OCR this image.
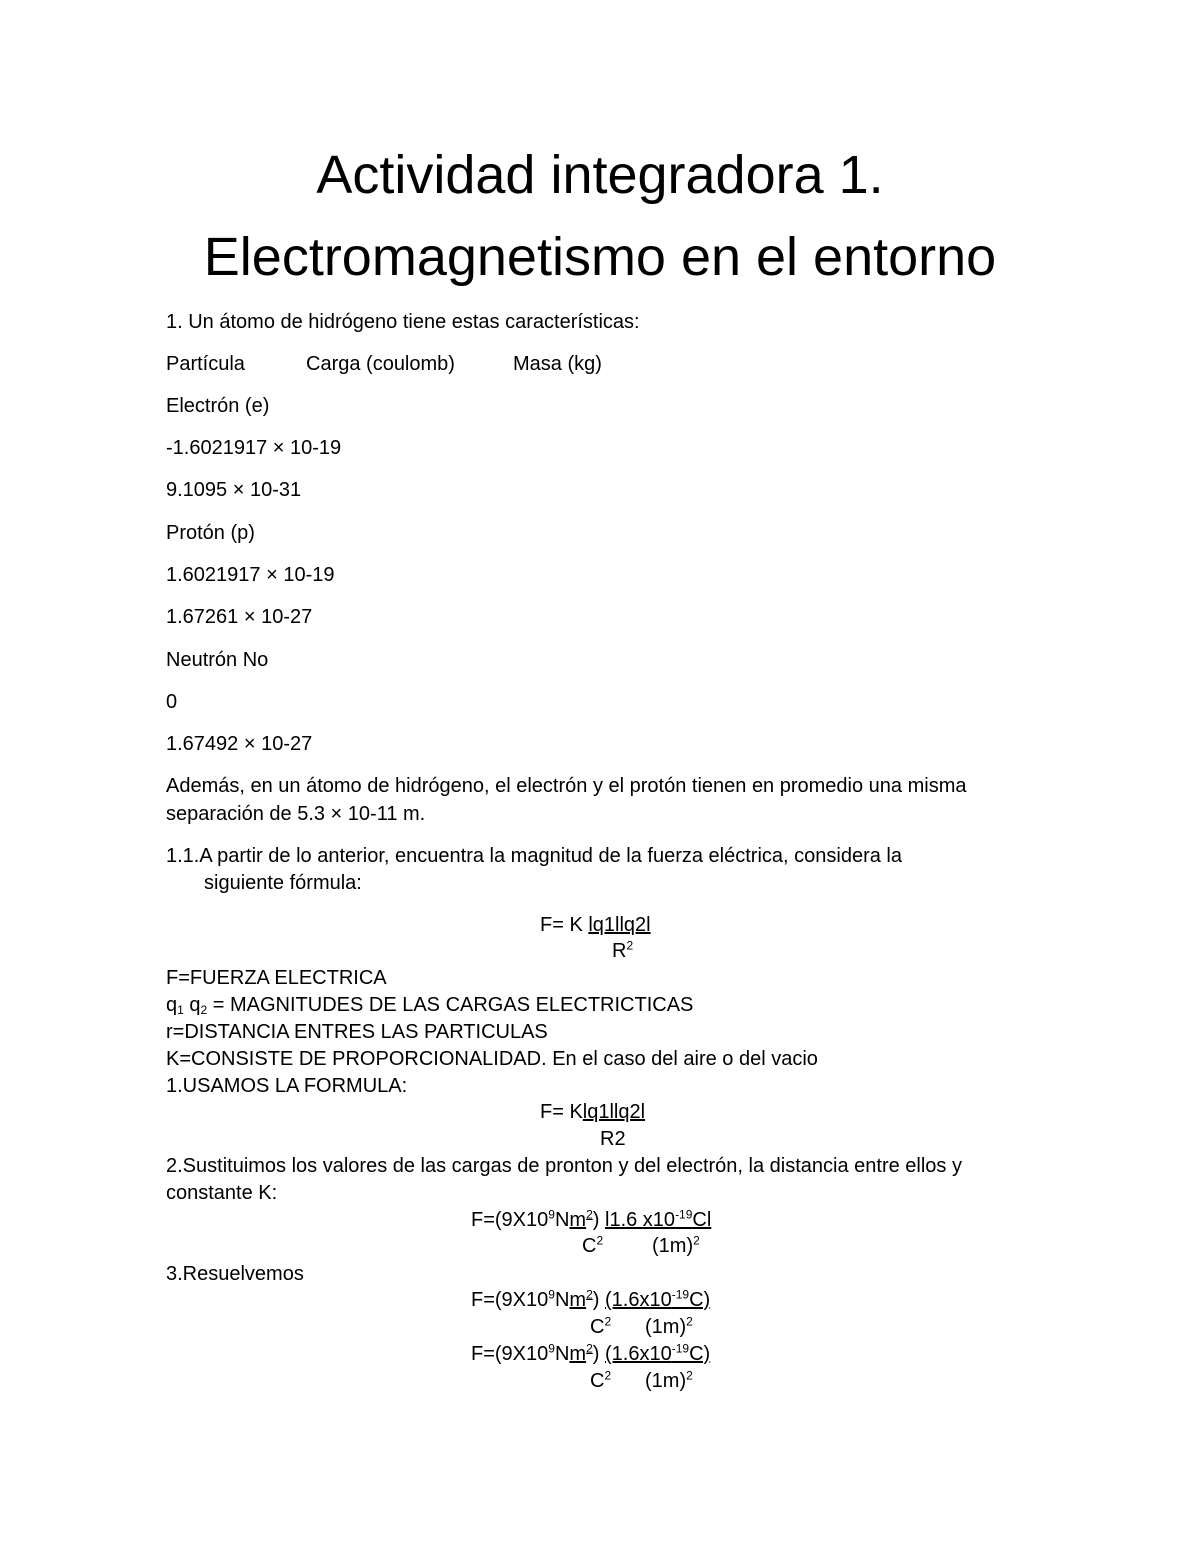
Actividad integradora 1.
Electromagnetismo en el entorno
1. Un átomo de hidrógeno tiene estas características:
Partícula	Carga (coulomb)	Masa (kg)
Electrón (e)
-1.6021917 × 10-19
9.1095 × 10-31
Protón (p)
1.6021917 × 10-19
1.67261 × 10-27
Neutrón No
0
1.67492 × 10-27
Además, en un átomo de hidrógeno, el electrón y el protón tienen en promedio una misma
separación de 5.3 × 10-11 m.
1.1.A partir de lo anterior, encuentra la magnitud de la fuerza eléctrica, considera la
siguiente fórmula:
F= K lq1llq2l
$R^2$
F=FUERZA ELECTRICA
$q_1$ $q_2$ = MAGNITUDES DE LAS CARGAS ELECTRICTICAS
r=DISTANCIA ENTRES LAS PARTICULAS
K=CONSISTE DE PROPORCIONALIDAD. En el caso del aire o del vacio
1.USAMOS LA FORMULA:
F= Klq1llq2l
R2
2.Sustituimos los valores de las cargas de pronton y del electrón, la distancia entre ellos y
constante K:
$F=(9X10^9Nm^2)$ l1.6 $x10^{-19}Cl$
$C^2$ $(1m)^2$
3.Resuelvemos
$F=(9X10^9Nm^2)$ $(1.6x10^{-19}C)$
$C^2$ $(1m)^2$
$F=(9X10^9Nm^2)$ $(1.6x10^{-19}C)$
$C^2$ $(1m)^2$
